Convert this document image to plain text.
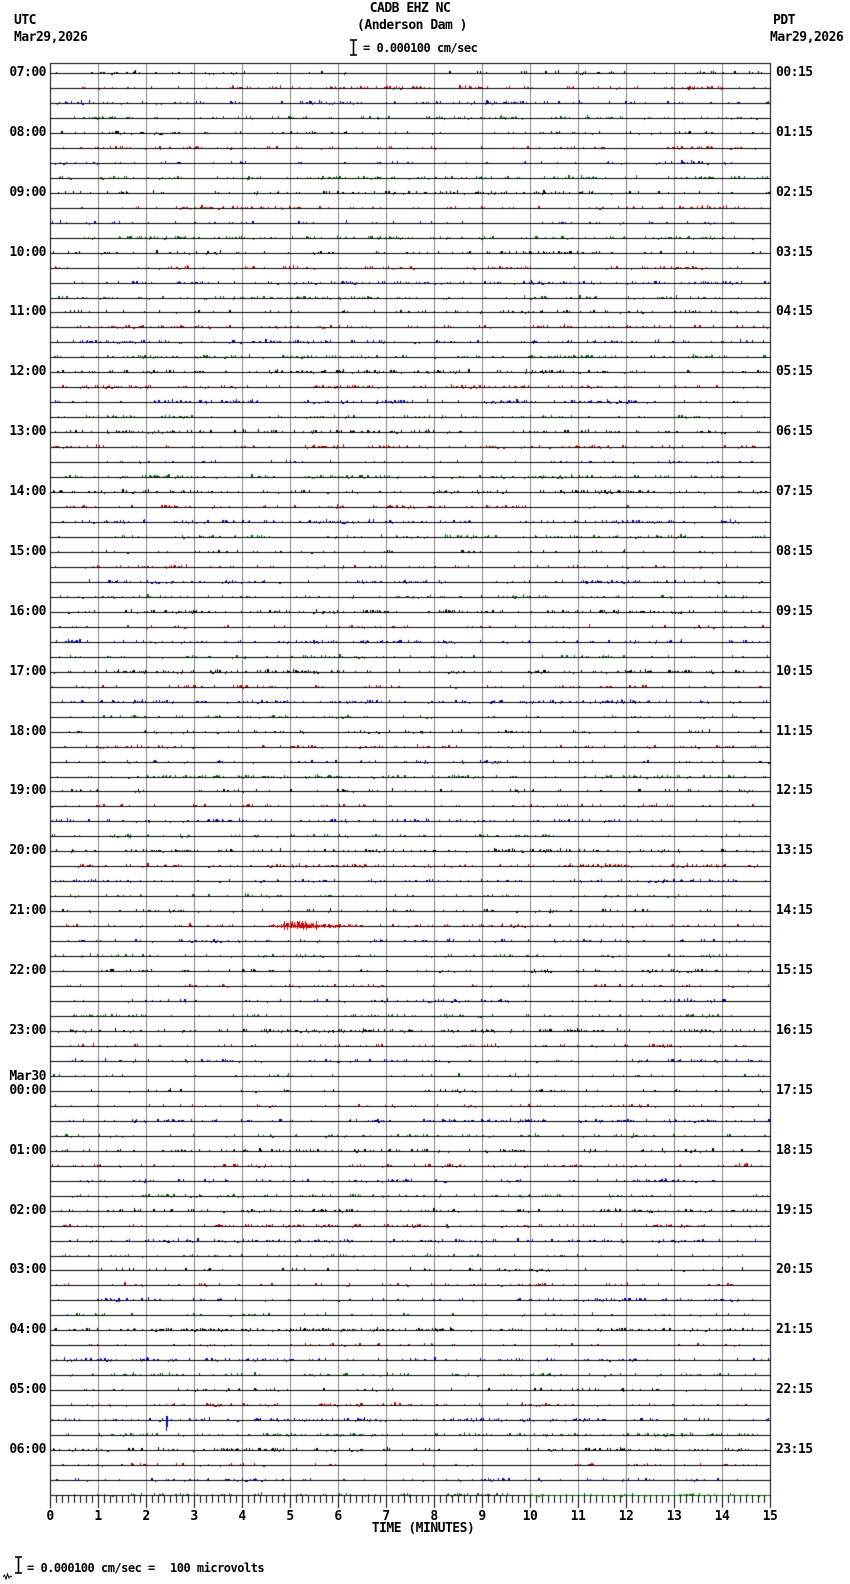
07:00
08:00
09:00
10:00
11:00
12:00
13:00
14:00
15:00
16:00
17:00
18:00
19:00
20:00
21:00
22:00
23:00
00:00
Mar30
01:00
02:00
03:00
04:00
05:00
06:00
00:15
01:15
02:15
03:15
04:15
05:15
06:15
07:15
08:15
09:15
10:15
11:15
12:15
13:15
14:15
15:15
16:15
17:15
18:15
19:15
20:15
21:15
22:15
23:15
0	1	2	3	4	5	6	7	8	9	10	11	12	13	14	15
TIME (MINUTES)
= 0.000100 cm/sec = 100 microvolts
